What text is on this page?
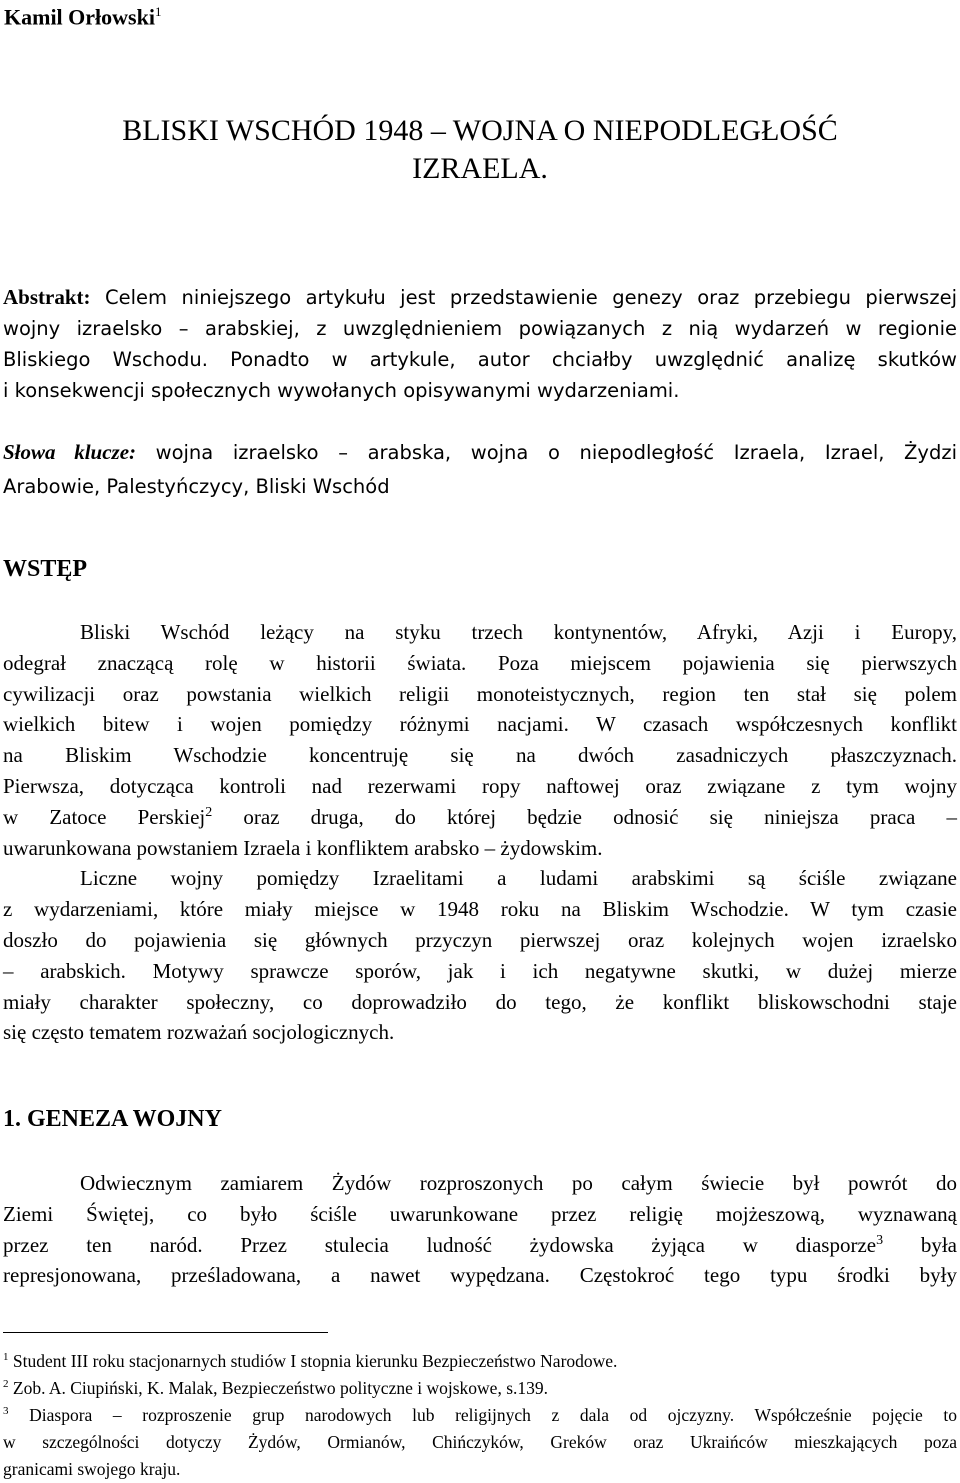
Kamil Orłowski$^1$
BLISKI WSCHÓD 1948 – WOJNA O NIEPODLEGŁOŚĆ
IZRAELA.
Abstrakt: Celem niniejszego artykułu jest przedstawienie genezy oraz przebiegu pierwszej
wojny izraelsko – arabskiej, z uwzględnieniem powiązanych z nią wydarzeń w regionie
Bliskiego Wschodu. Ponadto w artykule, autor chciałby uwzględnić analizę skutków
i konsekwencji społecznych wywołanych opisywanymi wydarzeniami.
Słowa klucze: wojna izraelsko – arabska, wojna o niepodległość Izraela, Izrael, Żydzi
Arabowie, Palestyńczycy, Bliski Wschód
WSTĘP
Bliski Wschód leżący na styku trzech kontynentów, Afryki, Azji i Europy,
odegrał znaczącą rolę w historii świata. Poza miejscem pojawienia się pierwszych
cywilizacji oraz powstania wielkich religii monoteistycznych, region ten stał się polem
wielkich bitew i wojen pomiędzy różnymi nacjami. W czasach współczesnych konflikt
na Bliskim Wschodzie koncentruję się na dwóch zasadniczych płaszczyznach.
Pierwsza, dotycząca kontroli nad rezerwami ropy naftowej oraz związane z tym wojny
w Zatoce Perskiej$^2$ oraz druga, do której będzie odnosić się niniejsza praca –
uwarunkowana powstaniem Izraela i konfliktem arabsko – żydowskim.
Liczne wojny pomiędzy Izraelitami a ludami arabskimi są ściśle związane
z wydarzeniami, które miały miejsce w 1948 roku na Bliskim Wschodzie. W tym czasie
doszło do pojawienia się głównych przyczyn pierwszej oraz kolejnych wojen izraelsko
– arabskich. Motywy sprawcze sporów, jak i ich negatywne skutki, w dużej mierze
miały charakter społeczny, co doprowadziło do tego, że konflikt bliskowschodni staje
się często tematem rozważań socjologicznych.
1. GENEZA WOJNY
Odwiecznym zamiarem Żydów rozproszonych po całym świecie był powrót do
Ziemi Świętej, co było ściśle uwarunkowane przez religię mojżeszową, wyznawaną
przez ten naród. Przez stulecia ludność żydowska żyjąca w diasporze$^3$ była
represjonowana, prześladowana, a nawet wypędzana. Częstokroć tego typu środki były
$^1$ Student III roku stacjonarnych studiów I stopnia kierunku Bezpieczeństwo Narodowe.
$^2$ Zob. A. Ciupiński, K. Malak, Bezpieczeństwo polityczne i wojskowe, s.139.
$^3$ Diaspora – rozproszenie grup narodowych lub religijnych z dala od ojczyzny. Współcześnie pojęcie to
w szczególności dotyczy Żydów, Ormianów, Chińczyków, Greków oraz Ukraińców mieszkających poza
granicami swojego kraju.
